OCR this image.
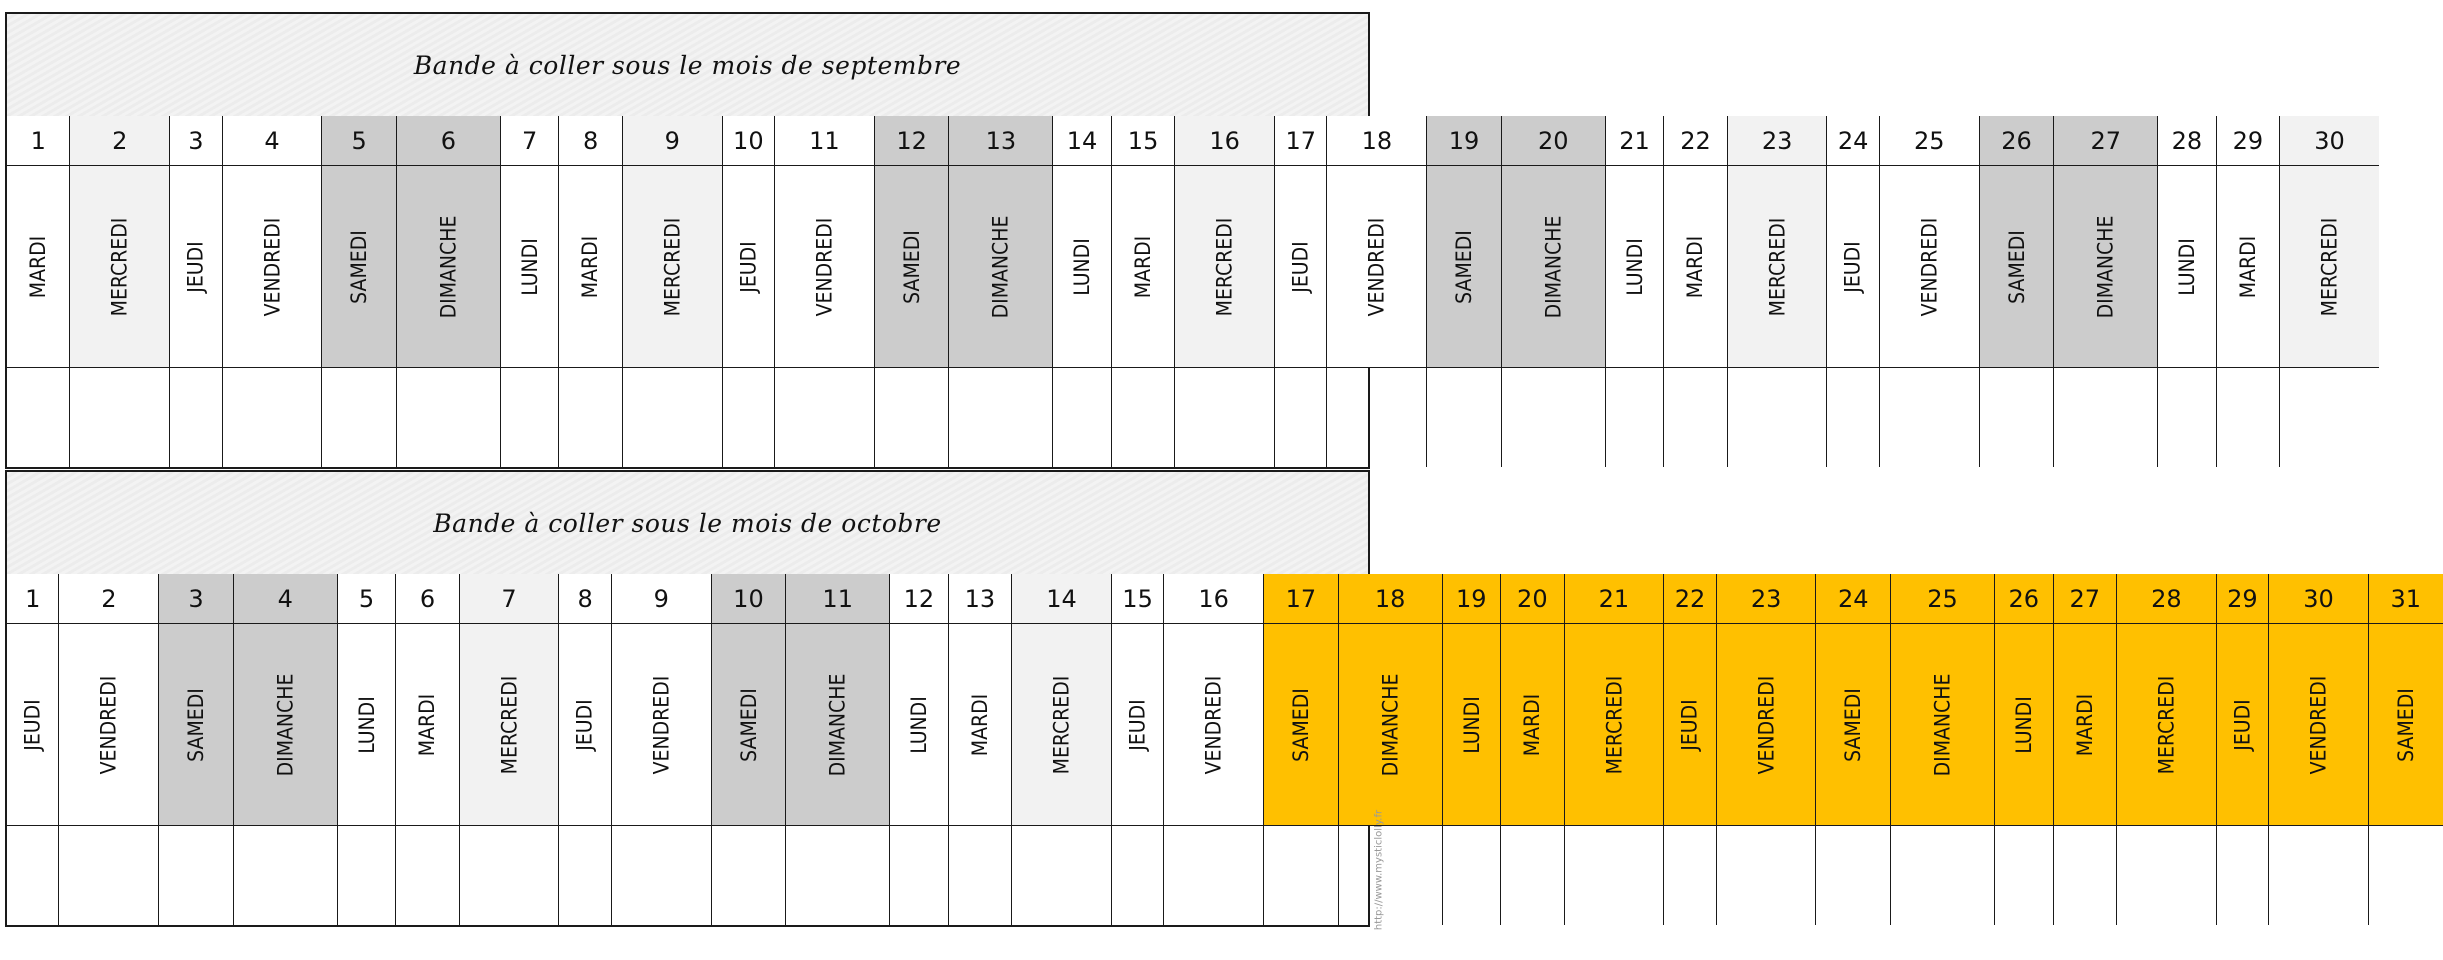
Bande à coller sous le mois de septembre
1
MARDI
2
MERCREDI
3
JEUDI
4
VENDREDI
5
SAMEDI
6
DIMANCHE
7
LUNDI
8
MARDI
9
MERCREDI
10
JEUDI
11
VENDREDI
12
SAMEDI
13
DIMANCHE
14
LUNDI
15
MARDI
16
MERCREDI
17
JEUDI
18
VENDREDI
19
SAMEDI
20
DIMANCHE
21
LUNDI
22
MARDI
23
MERCREDI
24
JEUDI
25
VENDREDI
26
SAMEDI
27
DIMANCHE
28
LUNDI
29
MARDI
30
MERCREDI
Bande à coller sous le mois de octobre
1
JEUDI
2
VENDREDI
3
SAMEDI
4
DIMANCHE
5
LUNDI
6
MARDI
7
MERCREDI
8
JEUDI
9
VENDREDI
10
SAMEDI
11
DIMANCHE
12
LUNDI
13
MARDI
14
MERCREDI
15
JEUDI
16
VENDREDI
17
SAMEDI
18
DIMANCHE
19
LUNDI
20
MARDI
21
MERCREDI
22
JEUDI
23
VENDREDI
24
SAMEDI
25
DIMANCHE
26
LUNDI
27
MARDI
28
MERCREDI
29
JEUDI
30
VENDREDI
31
SAMEDI
http://www.mysticlolly.fr
